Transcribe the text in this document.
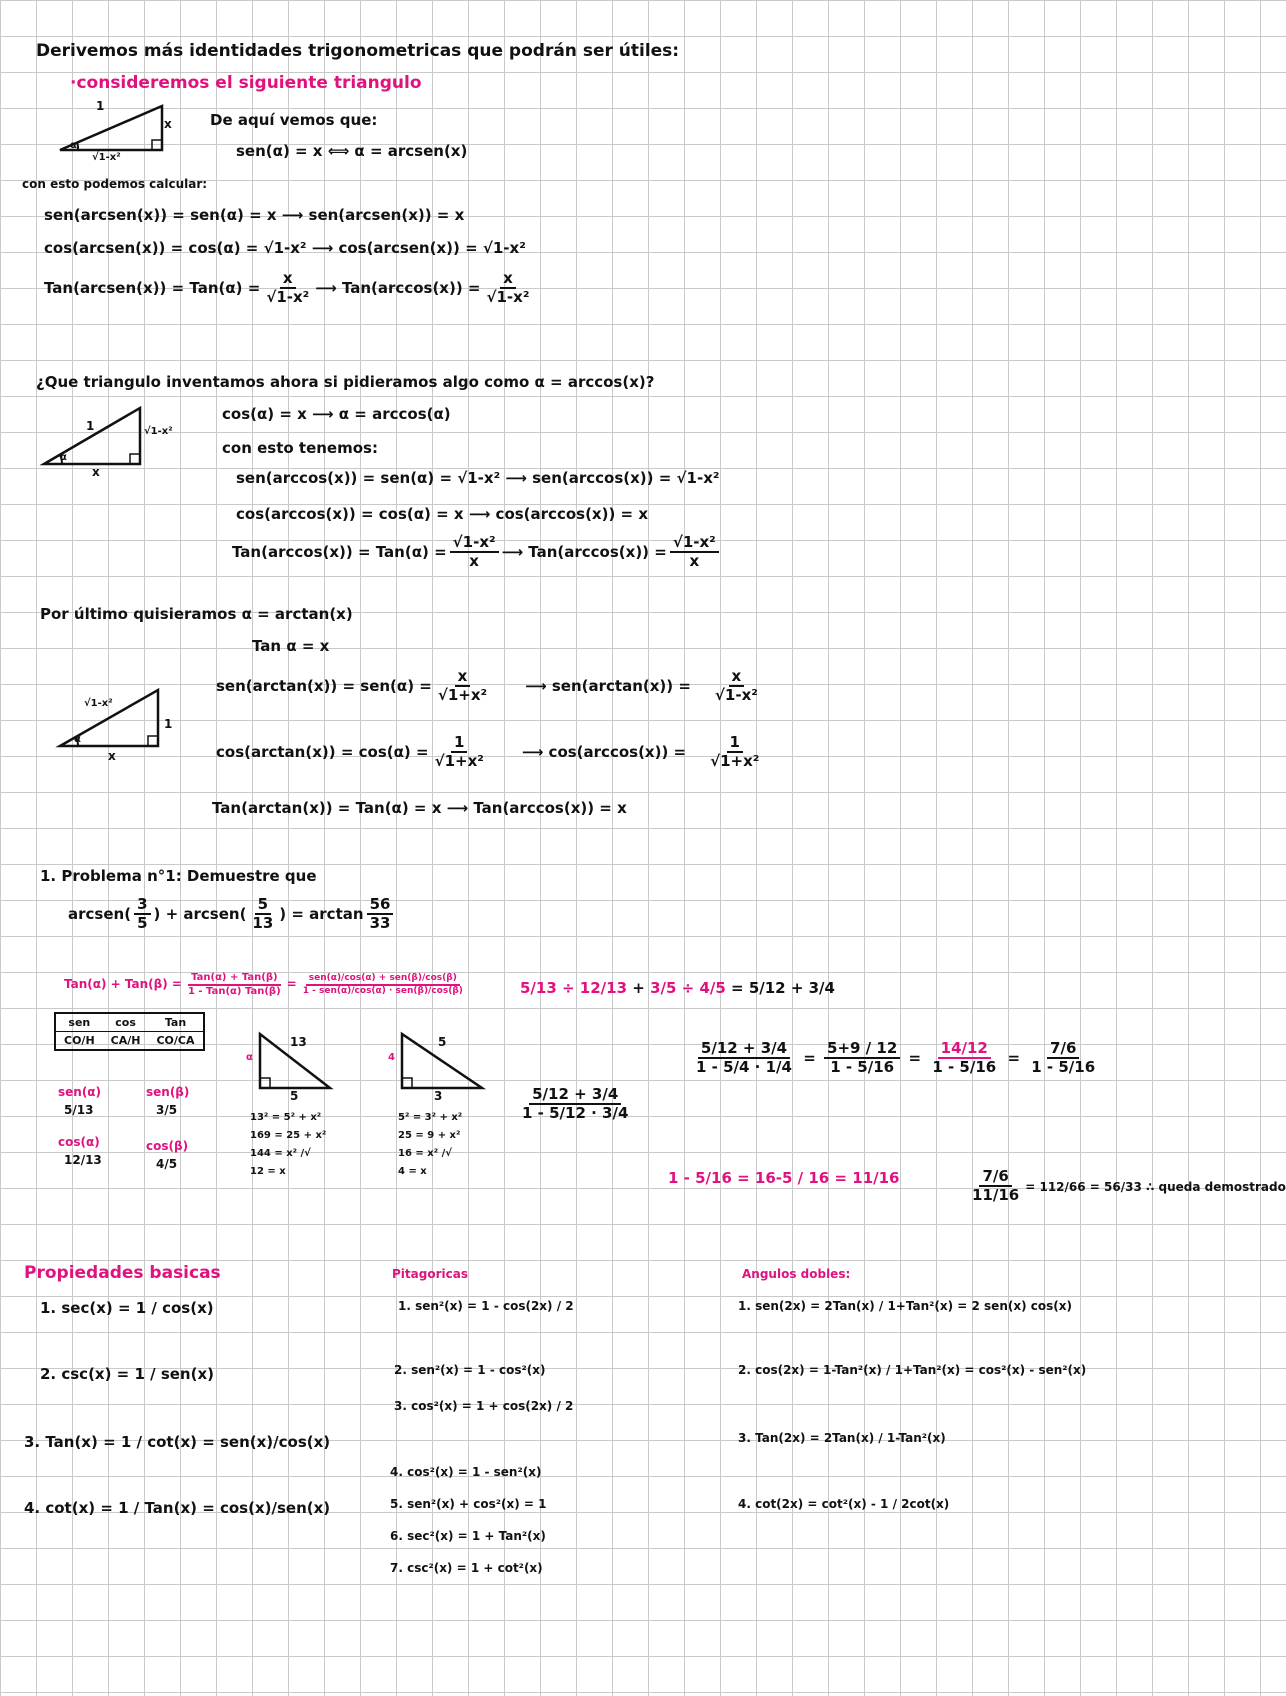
Derivemos más identidades trigonometricas que podrán ser útiles:
·consideremos el siguiente triangulo
1
x
√1-x²
α
De aquí vemos que:
sen(α) = x ⟺ α = arcsen(x)
con esto podemos calcular:
sen(arcsen(x)) = sen(α) = x ⟶ sen(arcsen(x)) = x
cos(arcsen(x)) = cos(α) = √1-x² ⟶ cos(arcsen(x)) = √1-x²
Tan(arcsen(x)) = $Tan(\alpha) = \frac{x}{\text{√1-x²}}$ ⟶ $Tan(\arccos(x)) = \frac{x}{\text{√1-x²}}$
¿Que triangulo inventamos ahora si pidieramos algo como α = arccos(x)?
1	√1-x²
x
α
cos(α) = x ⟶ α = arccos(α)
con esto tenemos:
sen(arccos(x)) = sen(α) = √1-x² ⟶ sen(arccos(x)) = √1-x²
cos(arccos(x)) = cos(α) = x ⟶ cos(arccos(x)) = x
$Tan(\arccos(x)) = Tan(\alpha) = \frac{\text{√1-x²}}{x}$ ⟶ $Tan(\arccos(x)) = \frac{\text{√1-x²}}{x}$
Por último quisieramos α = arctan(x)
Tan α = x
√1-x²
1
x
α
$sen(\arctan(x)) = sen(\alpha) = \frac{x}{\text{√1+x²}}$ ⟶ $sen(\arctan(x)) = \frac{x}{\text{√1-x²}}$
$\cos(\arctan(x)) = \cos(\alpha) = \frac{1}{\text{√1+x²}}$ ⟶ $\cos(\arccos(x)) = \frac{1}{\text{√1+x²}}$
Tan(arctan(x)) = Tan(α) = x ⟶ Tan(arccos(x)) = x
1. Problema n°1: Demuestre que
arcsen( $\frac{3}{5}$ ) + arcsen( $\frac{5}{13}$ ) = $\arctan \frac{56}{33}$
$Tan(\alpha) + Tan(\beta) = \frac{\text{Tan(α) + Tan(β)}}{\text{1 - Tan(α) Tan(β)}} = \frac{\text{sen(α)/cos(α) + sen(β)/cos(β)}}{\text{1 - sen(α)/cos(α) · sen(β)/cos(β)}}$
sen	cos	Tan
CO/H	CA/H	CO/CA
sen(α)
5/13
sen(β)
3/5
cos(α)
12/13
cos(β)
4/5
13
5
α
13² = 5² + x²
169 = 25 + x²
144 = x² /√
12 = x
5
3
4
5² = 3² + x²
25 = 9 + x²
16 = x² /√
4 = x
5/13 ÷ 12/13 + 3/5 ÷ 4/5 = 5/12 + 3/4
$\frac{5/12 + 3/4}{1 - 5/12 \cdot 3/4}$
$\frac{5/12 + 3/4}{1 - 5/4 \cdot 1/4} = \frac{5+9 / 12}{1 - 5/16} = \frac{14/12}{1 - 5/16} = \frac{7/6}{1 - 5/16}$
1 - 5/16 = 16-5 / 16 = 11/16	$\frac{7/6}{11/16} = 112/66 = 56/33$ ∴ queda demostrado
Propiedades basicas
1. sec(x) = 1 / cos(x)
2. csc(x) = 1 / sen(x)
3. Tan(x) = 1 / cot(x) = sen(x)/cos(x)
4. cot(x) = 1 / Tan(x) = cos(x)/sen(x)
Pitagoricas
1. sen²(x) = 1 - cos(2x) / 2
2. sen²(x) = 1 - cos²(x)
3. cos²(x) = 1 + cos(2x) / 2
4. cos²(x) = 1 - sen²(x)
5. sen²(x) + cos²(x) = 1
6. sec²(x) = 1 + Tan²(x)
7. csc²(x) = 1 + cot²(x)
Angulos dobles:
1. sen(2x) = 2Tan(x) / 1+Tan²(x) = 2 sen(x) cos(x)
2. cos(2x) = 1-Tan²(x) / 1+Tan²(x) = cos²(x) - sen²(x)
3. Tan(2x) = 2Tan(x) / 1-Tan²(x)
4. cot(2x) = cot²(x) - 1 / 2cot(x)
